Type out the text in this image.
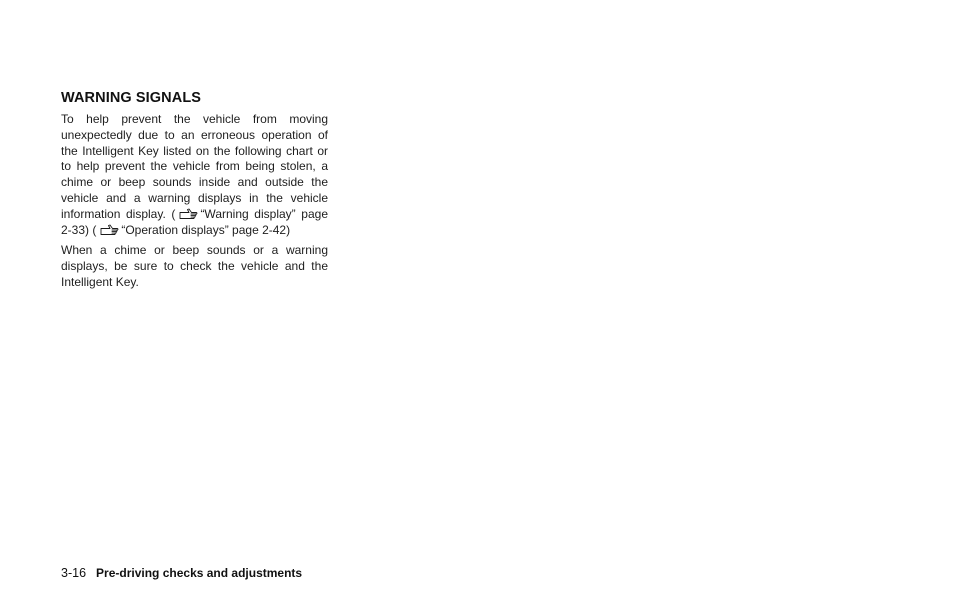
WARNING SIGNALS

To help prevent the vehicle from moving unexpectedly due to an erroneous operation of the Intelligent Key listed on the following chart or to help prevent the vehicle from being stolen, a chime or beep sounds inside and outside the vehicle and a warning displays in the vehicle information display. ( “Warning display” page 2-33) ( “Operation displays” page 2-42)

When a chime or beep sounds or a warning displays, be sure to check the vehicle and the Intelligent Key.

3-16 Pre-driving checks and adjustments
